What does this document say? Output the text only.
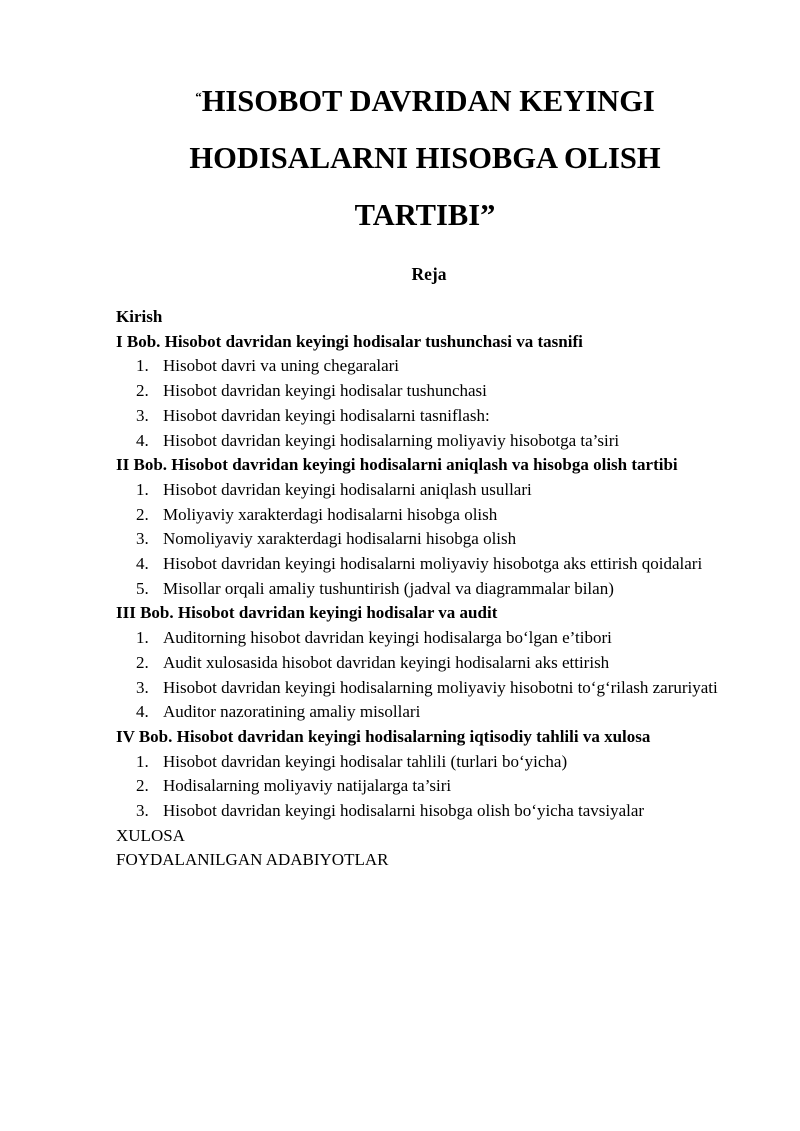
“HISOBOT DAVRIDAN KEYINGI
HODISALARNI HISOBGA OLISH
TARTIBI”
Reja

Kirish

I Bob. Hisobot davridan keyingi hodisalar tushunchasi va tasnifi

1. Hisobot davri va uning chegaralari
2. Hisobot davridan keyingi hodisalar tushunchasi
3. Hisobot davridan keyingi hodisalarni tasniflash:
4. Hisobot davridan keyingi hodisalarning moliyaviy hisobotga ta’siri

II Bob. Hisobot davridan keyingi hodisalarni aniqlash va hisobga olish tartibi

1. Hisobot davridan keyingi hodisalarni aniqlash usullari
2. Moliyaviy xarakterdagi hodisalarni hisobga olish
3. Nomoliyaviy xarakterdagi hodisalarni hisobga olish
4. Hisobot davridan keyingi hodisalarni moliyaviy hisobotga aks ettirish qoidalari
5. Misollar orqali amaliy tushuntirish (jadval va diagrammalar bilan)

III Bob. Hisobot davridan keyingi hodisalar va audit

1. Auditorning hisobot davridan keyingi hodisalarga bo‘lgan e’tibori
2. Audit xulosasida hisobot davridan keyingi hodisalarni aks ettirish
3. Hisobot davridan keyingi hodisalarning moliyaviy hisobotni to‘g‘rilash zaruriyati
4. Auditor nazoratining amaliy misollari

IV Bob. Hisobot davridan keyingi hodisalarning iqtisodiy tahlili va xulosa

1. Hisobot davridan keyingi hodisalar tahlili (turlari bo‘yicha)
2. Hodisalarning moliyaviy natijalarga ta’siri
3. Hisobot davridan keyingi hodisalarni hisobga olish bo‘yicha tavsiyalar

XULOSA

FOYDALANILGAN ADABIYOTLAR
